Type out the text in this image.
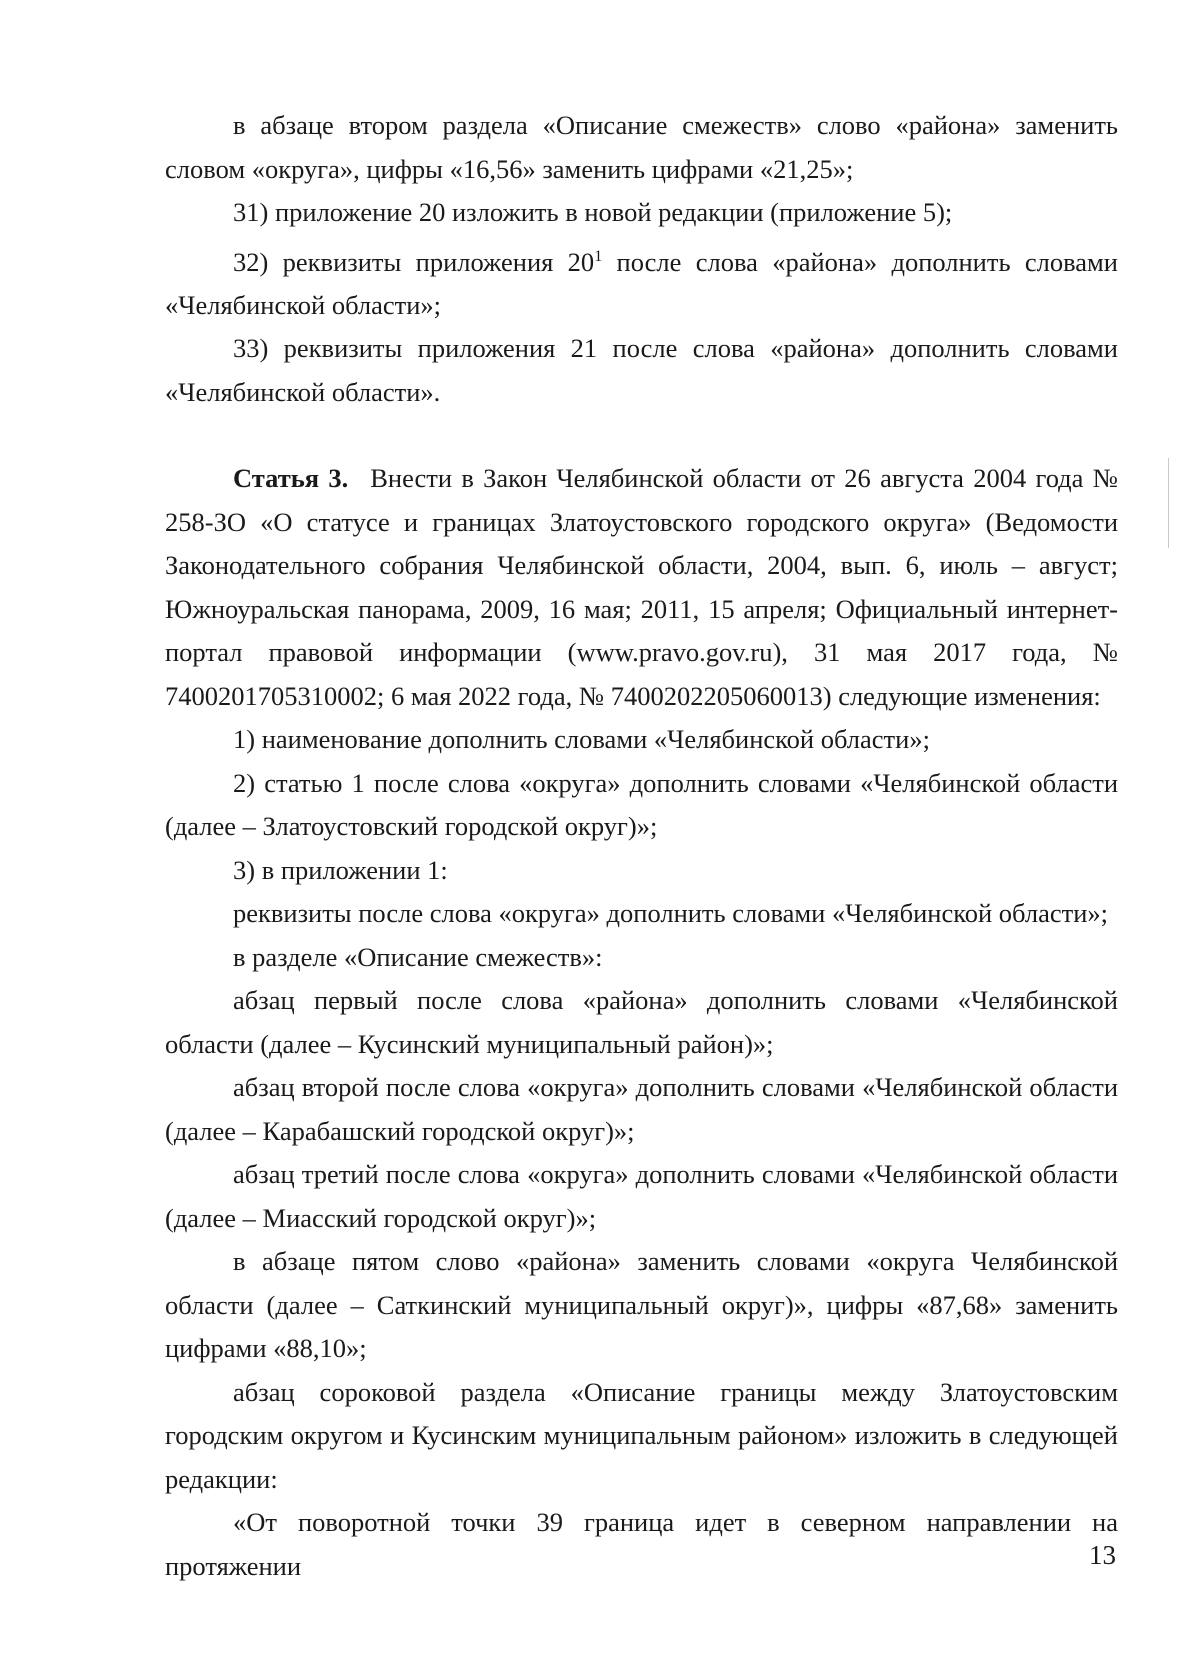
в абзаце втором раздела «Описание смежеств» слово «района» заменить словом «округа», цифры «16,56» заменить цифрами «21,25»;

31) приложение 20 изложить в новой редакции (приложение 5);

32) реквизиты приложения $20^1$ после слова «района» дополнить словами «Челябинской области»;

33) реквизиты приложения 21 после слова «района» дополнить словами «Челябинской области».

Статья 3. Внести в Закон Челябинской области от 26 августа 2004 года № 258-ЗО «О статусе и границах Златоустовского городского округа» (Ведомости Законодательного собрания Челябинской области, 2004, вып. 6, июль – август; Южноуральская панорама, 2009, 16 мая; 2011, 15 апреля; Официальный интернет-портал правовой информации (www.pravo.gov.ru), 31 мая 2017 года, № 7400201705310002; 6 мая 2022 года, № 7400202205060013) следующие изменения:

1) наименование дополнить словами «Челябинской области»;

2) статью 1 после слова «округа» дополнить словами «Челябинской области (далее – Златоустовский городской округ)»;

3) в приложении 1:

реквизиты после слова «округа» дополнить словами «Челябинской области»;

в разделе «Описание смежеств»:

абзац первый после слова «района» дополнить словами «Челябинской области (далее – Кусинский муниципальный район)»;

абзац второй после слова «округа» дополнить словами «Челябинской области (далее – Карабашский городской округ)»;

абзац третий после слова «округа» дополнить словами «Челябинской области (далее – Миасский городской округ)»;

в абзаце пятом слово «района» заменить словами «округа Челябинской области (далее – Саткинский муниципальный округ)», цифры «87,68» заменить цифрами «88,10»;

абзац сороковой раздела «Описание границы между Златоустовским городским округом и Кусинским муниципальным районом» изложить в следующей редакции:

«От поворотной точки 39 граница идет в северном направлении на протяжении	13
